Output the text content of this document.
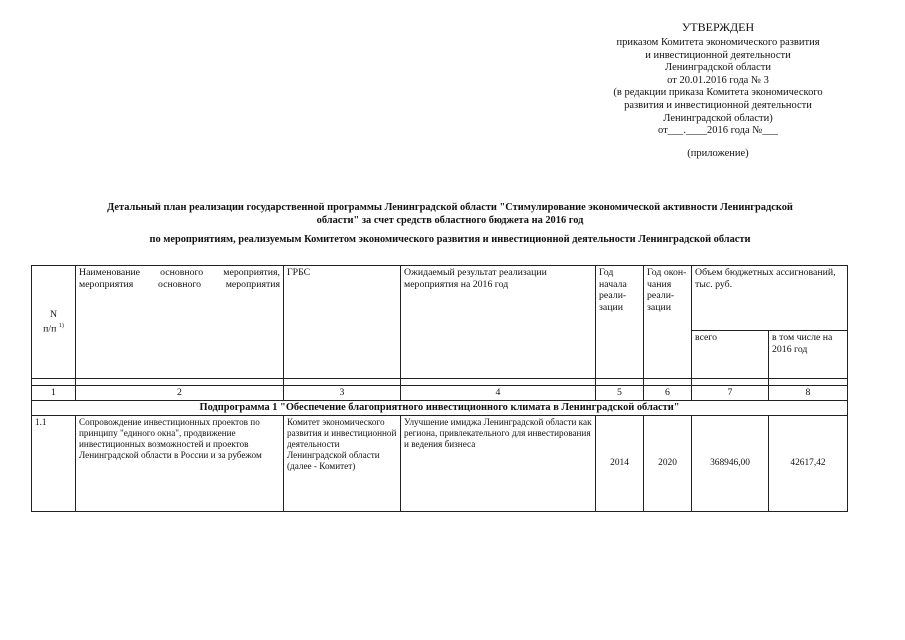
УТВЕРЖДЕН
приказом Комитета экономического развития
и инвестиционной деятельности
Ленинградской области
от 20.01.2016 года № 3
(в редакции приказа Комитета экономического
развития и инвестиционной деятельности
Ленинградской области)
от___.____2016 года №___
(приложение)
Детальный план реализации государственной программы Ленинградской области "Стимулирование экономической активности Ленинградской
области" за счет средств областного бюджета на 2016 год
по мероприятиям, реализуемым Комитетом экономического развития и инвестиционной деятельности Ленинградской области
N
п/п $^{1)}$	Наименование основного мероприятия, мероприятия основного мероприятия	ГРБС	Ожидаемый результат реализации мероприятия на 2016 год	Год начала реали-зации	Год окон-чания реали-зации	Объем бюджетных ассигнований, тыс. руб.	
						всего	в том числе на 2016 год

1	2	3	4	5	6	7	8
Подпрограмма 1 "Обеспечение благоприятного инвестиционного климата в Ленинградской области"							
1.1	Сопровождение инвестиционных проектов по принципу "единого окна", продвижение инвестиционных возможностей и проектов Ленинградской области в России и за рубежом	Комитет экономического развития и инвестиционной деятельности Ленинградской области (далее - Комитет)	Улучшение имиджа Ленинградской области как региона, привлекательного для инвестирования и ведения бизнеса	2014	2020	368946,00	42617,42
